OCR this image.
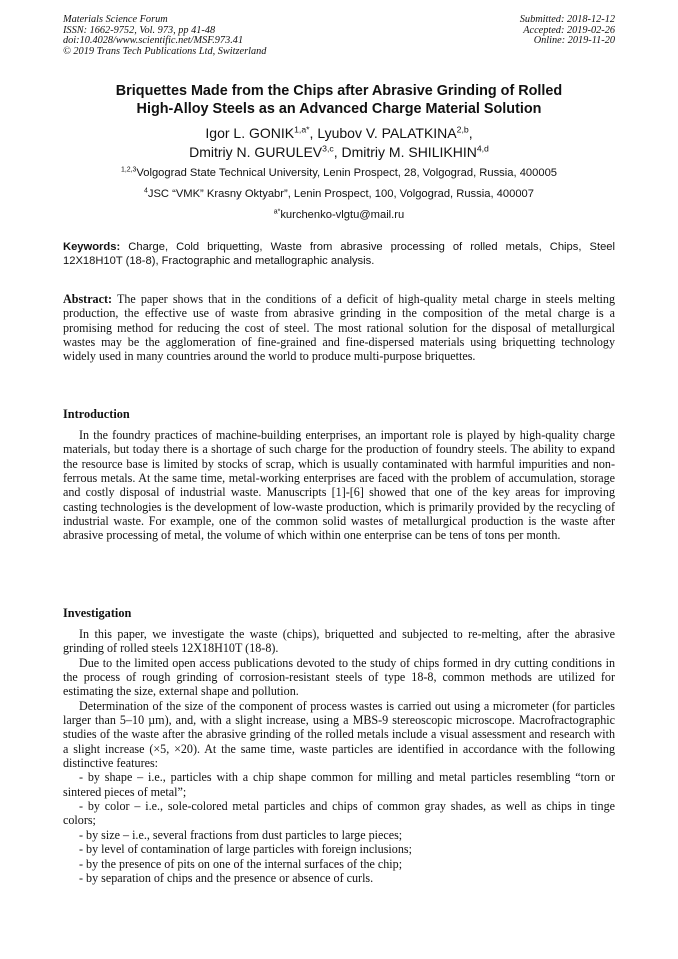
Materials Science Forum
ISSN: 1662-9752, Vol. 973, pp 41-48
doi:10.4028/www.scientific.net/MSF.973.41
© 2019 Trans Tech Publications Ltd, Switzerland
Submitted: 2018-12-12
Accepted: 2019-02-26
Online: 2019-11-20
Briquettes Made from the Chips after Abrasive Grinding of Rolled
High-Alloy Steels as an Advanced Charge Material Solution
Igor L. $GONIK^{1,a*}$, Lyubov V. PALATKINA$^{2,b}$,
Dmitriy N. GURULEV$^{3,c}$, Dmitriy M. SHILIKHIN$^{4,d}$
$^{1,2,3}$Volgograd State Technical University, Lenin Prospect, 28, Volgograd, Russia, 400005
$^4$JSC “VMK” Krasny Oktyabr”, Lenin Prospect, 100, Volgograd, Russia, 400007
$^{a*}$kurchenko-vlgtu@mail.ru
Keywords: Charge, Cold briquetting, Waste from abrasive processing of rolled metals, Chips, Steel 12X18H10T (18-8), Fractographic and metallographic analysis.
Abstract: The paper shows that in the conditions of a deficit of high-quality metal charge in steels melting production, the effective use of waste from abrasive grinding in the composition of the metal charge is a promising method for reducing the cost of steel. The most rational solution for the disposal of metallurgical wastes may be the agglomeration of fine-grained and fine-dispersed materials using briquetting technology widely used in many countries around the world to produce multi-purpose briquettes.
Introduction
In the foundry practices of machine-building enterprises, an important role is played by high-quality charge materials, but today there is a shortage of such charge for the production of foundry steels. The ability to expand the resource base is limited by stocks of scrap, which is usually contaminated with harmful impurities and non-ferrous metals. At the same time, metal-working enterprises are faced with the problem of accumulation, storage and costly disposal of industrial waste. Manuscripts [1]-[6] showed that one of the key areas for improving casting technologies is the development of low-waste production, which is primarily provided by the recycling of industrial waste. For example, one of the common solid wastes of metallurgical production is the waste after abrasive processing of metal, the volume of which within one enterprise can be tens of tons per month.
Investigation
In this paper, we investigate the waste (chips), briquetted and subjected to re-melting, after the abrasive grinding of rolled steels 12X18H10T (18-8).
Due to the limited open access publications devoted to the study of chips formed in dry cutting conditions in the process of rough grinding of corrosion-resistant steels of type 18-8, common methods are utilized for estimating the size, external shape and pollution.
Determination of the size of the component of process wastes is carried out using a micrometer (for particles larger than 5–10 µm), and, with a slight increase, using a MBS-9 stereoscopic microscope. Macrofractographic studies of the waste after the abrasive grinding of the rolled metals include a visual assessment and research with a slight increase (×5, ×20). At the same time, waste particles are identified in accordance with the following distinctive features:
- by shape – i.e., particles with a chip shape common for milling and metal particles resembling “torn or sintered pieces of metal”;
- by color – i.e., sole-colored metal particles and chips of common gray shades, as well as chips in tinge colors;
- by size – i.e., several fractions from dust particles to large pieces;
- by level of contamination of large particles with foreign inclusions;
- by the presence of pits on one of the internal surfaces of the chip;
- by separation of chips and the presence or absence of curls.
